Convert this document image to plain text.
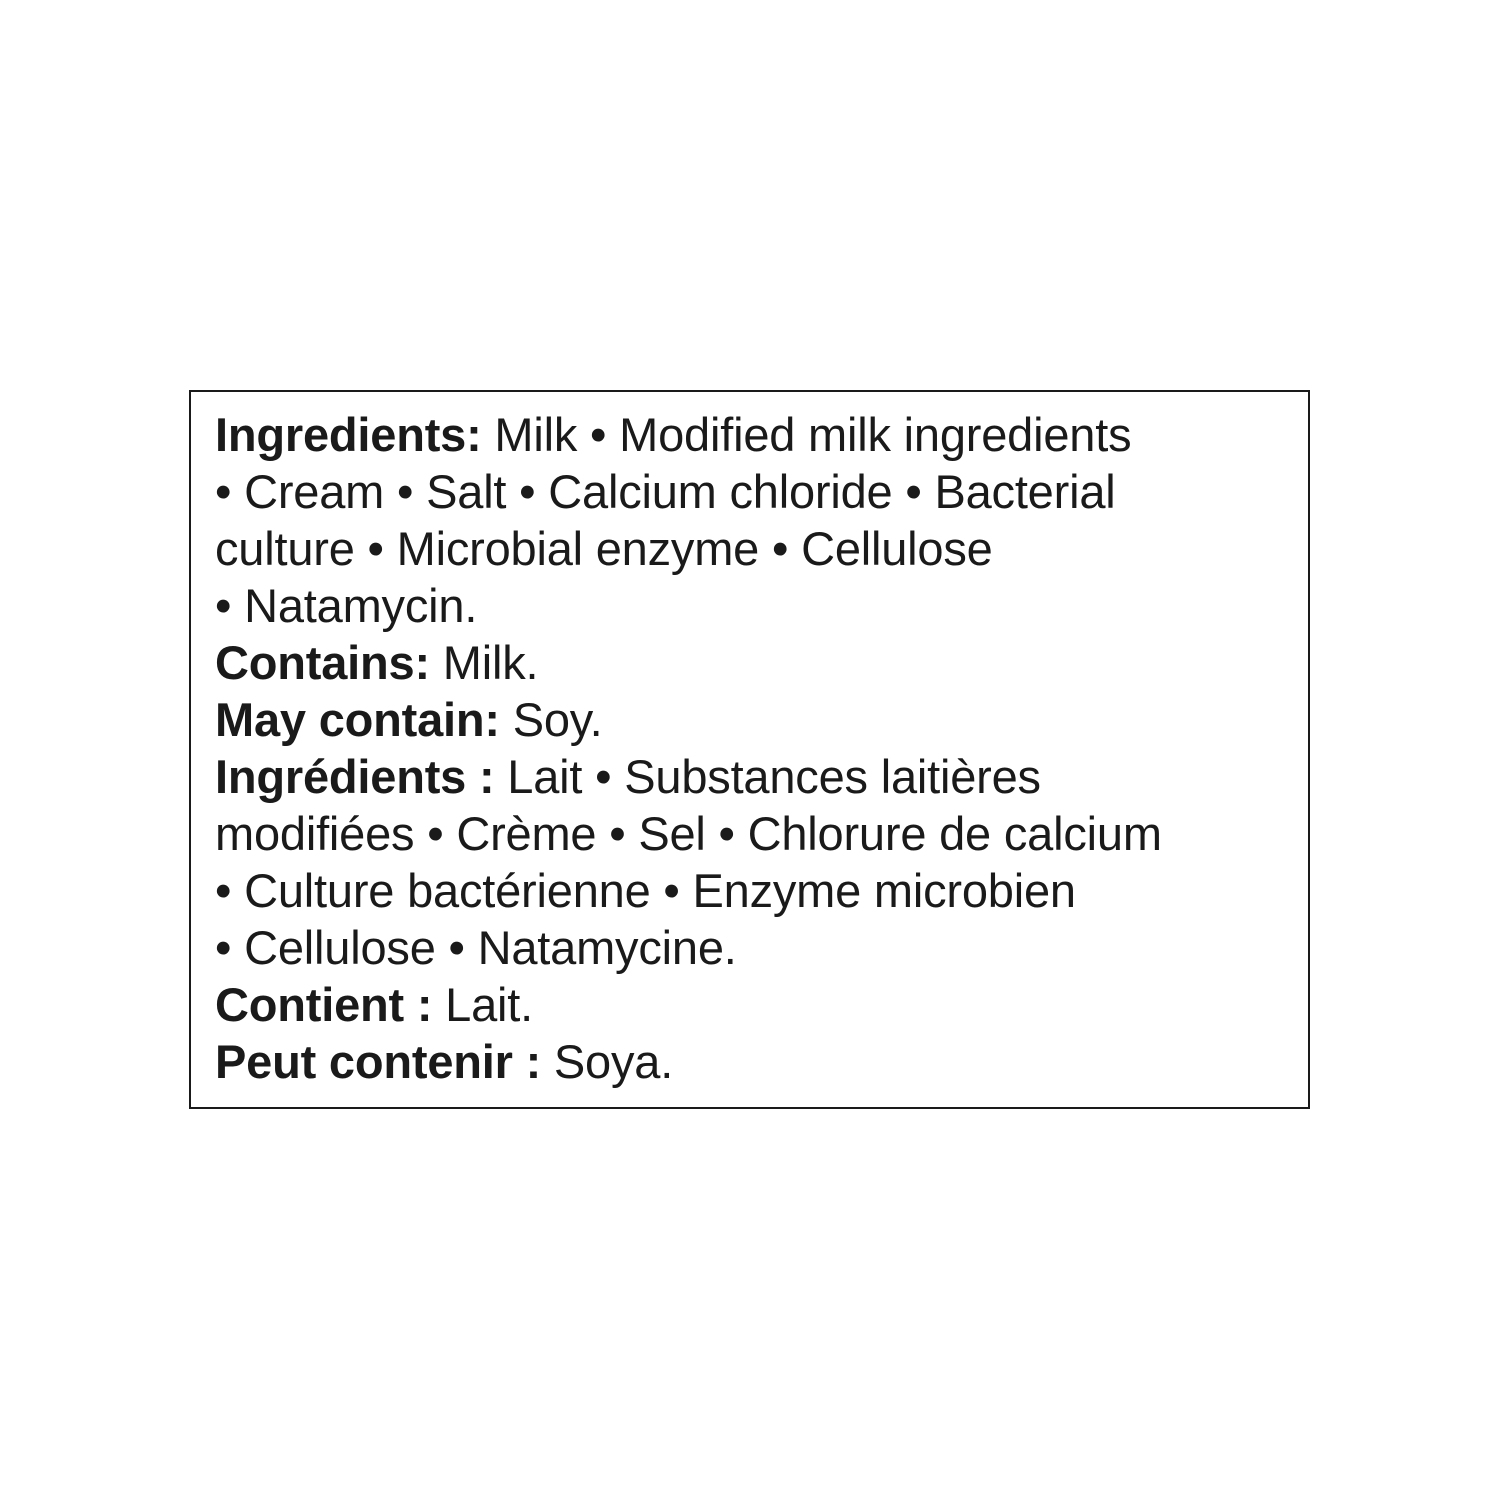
Ingredients: Milk • Modified milk ingredients

• Cream • Salt • Calcium chloride • Bacterial

culture • Microbial enzyme • Cellulose

• Natamycin.

Contains: Milk.

May contain: Soy.

Ingrédients : Lait • Substances laitières

modifiées • Crème • Sel • Chlorure de calcium

• Culture bactérienne • Enzyme microbien

• Cellulose • Natamycine.

Contient : Lait.

Peut contenir : Soya.
